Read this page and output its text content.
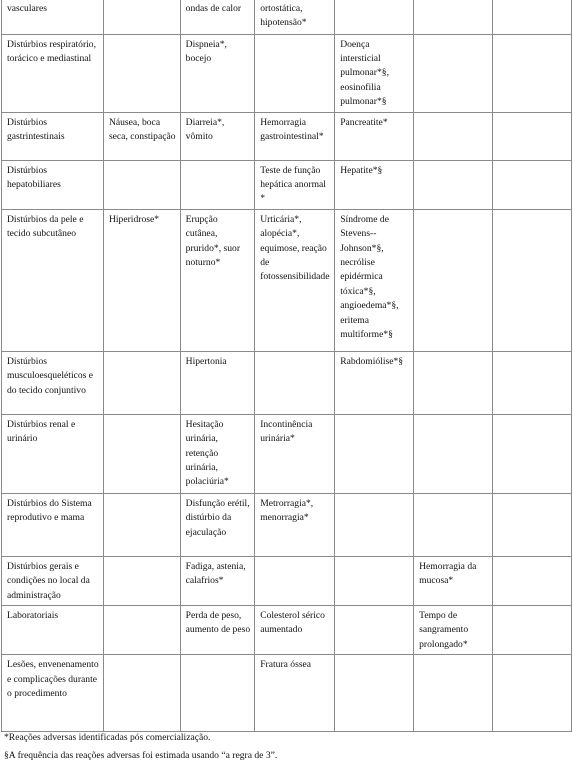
vasculares		ondas de calor	ortostática, hipotensão*			
Distúrbios respiratório, torácico e mediastinal		Dispneia*, bocejo		Doença intersticial pulmonar*§, eosinofilia pulmonar*§		
Distúrbios gastrintestinais	Náusea, boca seca, constipação	Diarreia*, vômito	Hemorragia gastrointestinal*	Pancreatite*		
Distúrbios hepatobiliares			Teste de função hepática anormal *	Hepatite*§		
Distúrbios da pele e tecido subcutâneo	Hiperidrose*	Erupção cutânea, prurido*, suor noturno*	Urticária*, alopécia*, equimose, reação de fotossensibilidade	Síndrome de Stevens--Johnson*§, necrólise epidérmica tóxica*§, angioedema*§, eritema multiforme*§		
Distúrbios musculoesqueléticos e do tecido conjuntivo		Hipertonia		Rabdomiólise*§		
Distúrbios renal e urinário		Hesitação urinária, retenção urinária, polaciúria*	Incontinência urinária*			
Distúrbios do Sistema reprodutivo e mama		Disfunção erétil, distúrbio da ejaculação	Metrorragia*, menorragia*			
Distúrbios gerais e condições no local da administração		Fadiga, astenia, calafrios*			Hemorragia da mucosa*	
Laboratoriais		Perda de peso, aumento de peso	Colesterol sérico aumentado		Tempo de sangramento prolongado*	
Lesões, envenenamento e complicações durante o procedimento			Fratura óssea			
*Reações adversas identificadas pós comercialização.
§A frequência das reações adversas foi estimada usando “a regra de 3”.
